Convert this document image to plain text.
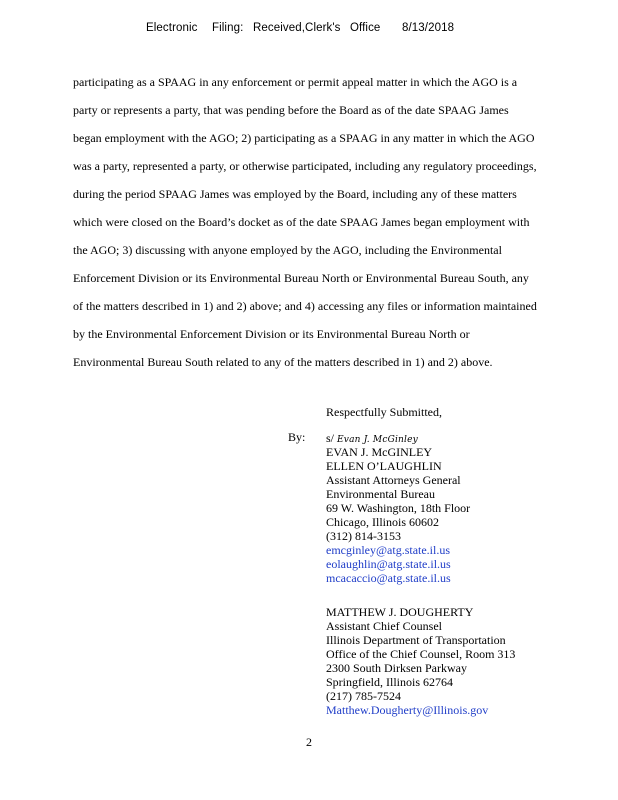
Electronic Filing: Received,Clerk's Office 8/13/2018
participating as a SPAAG in any enforcement or permit appeal matter in which the AGO is a
party or represents a party, that was pending before the Board as of the date SPAAG James
began employment with the AGO; 2) participating as a SPAAG in any matter in which the AGO
was a party, represented a party, or otherwise participated, including any regulatory proceedings,
during the period SPAAG James was employed by the Board, including any of these matters
which were closed on the Board’s docket as of the date SPAAG James began employment with
the AGO; 3) discussing with anyone employed by the AGO, including the Environmental
Enforcement Division or its Environmental Bureau North or Environmental Bureau South, any
of the matters described in 1) and 2) above; and 4) accessing any files or information maintained
by the Environmental Enforcement Division or its Environmental Bureau North or
Environmental Bureau South related to any of the matters described in 1) and 2) above.
By:
Respectfully Submitted,
s/ Evan J. McGinley
EVAN J. McGINLEY
ELLEN O’LAUGHLIN
Assistant Attorneys General
Environmental Bureau
69 W. Washington, 18th Floor
Chicago, Illinois 60602
(312) 814-3153
emcginley@atg.state.il.us
eolaughlin@atg.state.il.us
mcacaccio@atg.state.il.us
MATTHEW J. DOUGHERTY
Assistant Chief Counsel
Illinois Department of Transportation
Office of the Chief Counsel, Room 313
2300 South Dirksen Parkway
Springfield, Illinois 62764
(217) 785-7524
Matthew.Dougherty@Illinois.gov
2
